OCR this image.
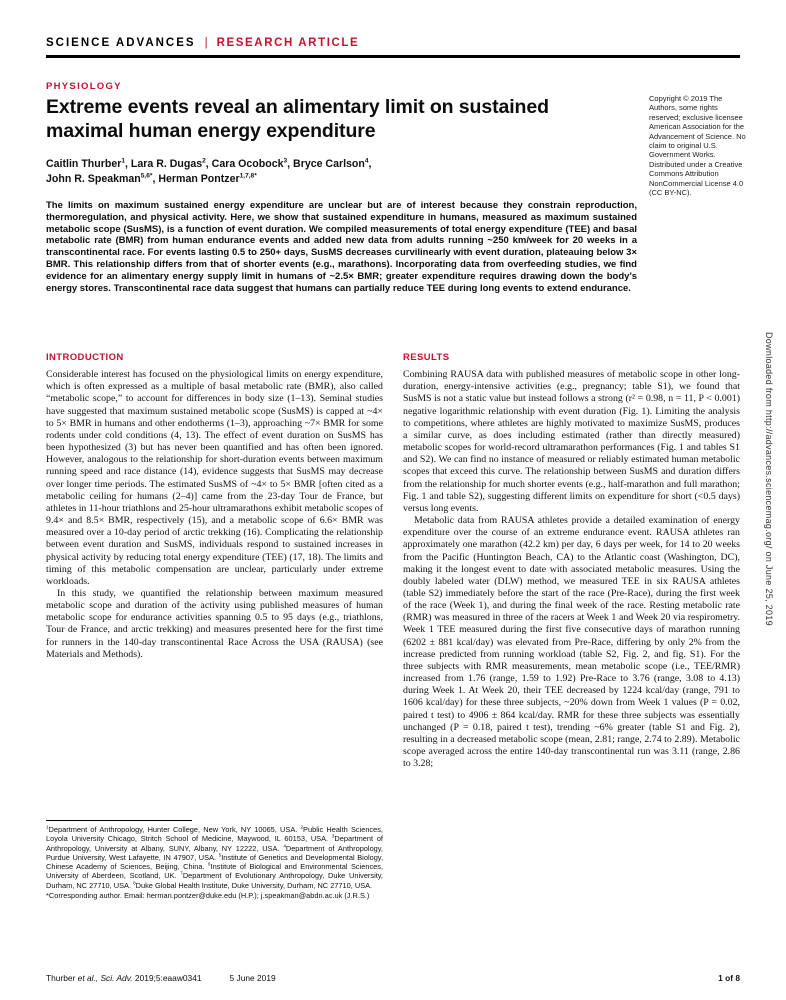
SCIENCE ADVANCES | RESEARCH ARTICLE
PHYSIOLOGY
Extreme events reveal an alimentary limit on sustained maximal human energy expenditure
Caitlin Thurber$^1$, Lara R. Dugas$^2$, Cara Ocobock$^3$, Bryce Carlson$^4$,
John R. Speakman$^{5,6*}$, Herman Pontzer$^{1,7,8*}$
Copyright © 2019 The Authors, some rights reserved; exclusive licensee American Association for the Advancement of Science. No claim to original U.S. Government Works. Distributed under a Creative Commons Attribution NonCommercial License 4.0 (CC BY-NC).

The limits on maximum sustained energy expenditure are unclear but are of interest because they constrain reproduction, thermoregulation, and physical activity. Here, we show that sustained expenditure in humans, measured as maximum sustained metabolic scope (SusMS), is a function of event duration. We compiled measurements of total energy expenditure (TEE) and basal metabolic rate (BMR) from human endurance events and added new data from adults running ~250 km/week for 20 weeks in a transcontinental race. For events lasting 0.5 to 250+ days, SusMS decreases curvilinearly with event duration, plateauing below 3× BMR. This relationship differs from that of shorter events (e.g., marathons). Incorporating data from overfeeding studies, we find evidence for an alimentary energy supply limit in humans of ~2.5× BMR; greater expenditure requires drawing down the body’s energy stores. Transcontinental race data suggest that humans can partially reduce TEE during long events to extend endurance.

INTRODUCTION

Considerable interest has focused on the physiological limits on energy expenditure, which is often expressed as a multiple of basal metabolic rate (BMR), also called “metabolic scope,” to account for differences in body size (1–13). Seminal studies have suggested that maximum sustained metabolic scope (SusMS) is capped at ~4× to 5× BMR in humans and other endotherms (1–3), approaching ~7× BMR for some rodents under cold conditions (4, 13). The effect of event duration on SusMS has been hypothesized (3) but has never been quantified and has often been ignored. However, analogous to the relationship for short-duration events between maximum running speed and race distance (14), evidence suggests that SusMS may decrease over longer time periods. The estimated SusMS of ~4× to 5× BMR [often cited as a metabolic ceiling for humans (2–4)] came from the 23-day Tour de France, but athletes in 11-hour triathlons and 25-hour ultramarathons exhibit metabolic scopes of 9.4× and 8.5× BMR, respectively (15), and a metabolic scope of 6.6× BMR was measured over a 10-day period of arctic trekking (16). Complicating the relationship between event duration and SusMS, individuals respond to sustained increases in physical activity by reducing total energy expenditure (TEE) (17, 18). The limits and timing of this metabolic compensation are unclear, particularly under extreme workloads.

In this study, we quantified the relationship between maximum measured metabolic scope and duration of the activity using published measures of human metabolic scope for endurance activities spanning 0.5 to 95 days (e.g., triathlons, Tour de France, and arctic trekking) and measures presented here for the first time for runners in the 140-day transcontinental Race Across the USA (RAUSA) (see Materials and Methods).

RESULTS

Combining RAUSA data with published measures of metabolic scope in other long-duration, energy-intensive activities (e.g., pregnancy; table S1), we found that SusMS is not a static value but instead follows a strong (r² = 0.98, n = 11, P < 0.001) negative logarithmic relationship with event duration (Fig. 1). Limiting the analysis to competitions, where athletes are highly motivated to maximize SusMS, produces a similar curve, as does including estimated (rather than directly measured) metabolic scopes for world-record ultramarathon performances (Fig. 1 and tables S1 and S2). We can find no instance of measured or reliably estimated human metabolic scopes that exceed this curve. The relationship between SusMS and duration differs from the relationship for much shorter events (e.g., half-marathon and full marathon; Fig. 1 and table S2), suggesting different limits on expenditure for short (<0.5 days) versus long events.

Metabolic data from RAUSA athletes provide a detailed examination of energy expenditure over the course of an extreme endurance event. RAUSA athletes ran approximately one marathon (42.2 km) per day, 6 days per week, for 14 to 20 weeks from the Pacific (Huntington Beach, CA) to the Atlantic coast (Washington, DC), making it the longest event to date with associated metabolic measures. Using the doubly labeled water (DLW) method, we measured TEE in six RAUSA athletes (table S2) immediately before the start of the race (Pre-Race), during the first week of the race (Week 1), and during the final week of the race. Resting metabolic rate (RMR) was measured in three of the racers at Week 1 and Week 20 via respirometry. Week 1 TEE measured during the first five consecutive days of marathon running (6202 ± 881 kcal/day) was elevated from Pre-Race, differing by only 2% from the increase predicted from running workload (table S2, Fig. 2, and fig. S1). For the three subjects with RMR measurements, mean metabolic scope (i.e., TEE/RMR) increased from 1.76 (range, 1.59 to 1.92) Pre-Race to 3.76 (range, 3.08 to 4.13) during Week 1. At Week 20, their TEE decreased by 1224 kcal/day (range, 791 to 1606 kcal/day) for these three subjects, ~20% down from Week 1 values (P = 0.02, paired t test) to 4906 ± 864 kcal/day. RMR for these three subjects was essentially unchanged (P = 0.18, paired t test), trending ~6% greater (table S1 and Fig. 2), resulting in a decreased metabolic scope (mean, 2.81; range, 2.74 to 2.89). Metabolic scope averaged across the entire 140-day transcontinental run was 3.11 (range, 2.86 to 3.28;

$^1$Department of Anthropology, Hunter College, New York, NY 10065, USA. $^2$Public Health Sciences, Loyola University Chicago, Stritch School of Medicine, Maywood, IL 60153, USA. $^3$Department of Anthropology, University at Albany, SUNY, Albany, NY 12222, USA. $^4$Department of Anthropology, Purdue University, West Lafayette, IN 47907, USA. $^5$Institute of Genetics and Developmental Biology, Chinese Academy of Sciences, Beijing, China. $^6$Institute of Biological and Environmental Sciences, University of Aberdeen, Scotland, UK. $^7$Department of Evolutionary Anthropology, Duke University, Durham, NC 27710, USA. $^8$Duke Global Health Institute, Duke University, Durham, NC 27710, USA.

*Corresponding author. Email: herman.pontzer@duke.edu (H.P.); j.speakman@abdn.ac.uk (J.R.S.)

Thurber et al., Sci. Adv. 2019;5:eaaw0341	5 June 2019	1 of 8
Downloaded from http://advances.sciencemag.org/ on June 25, 2019
